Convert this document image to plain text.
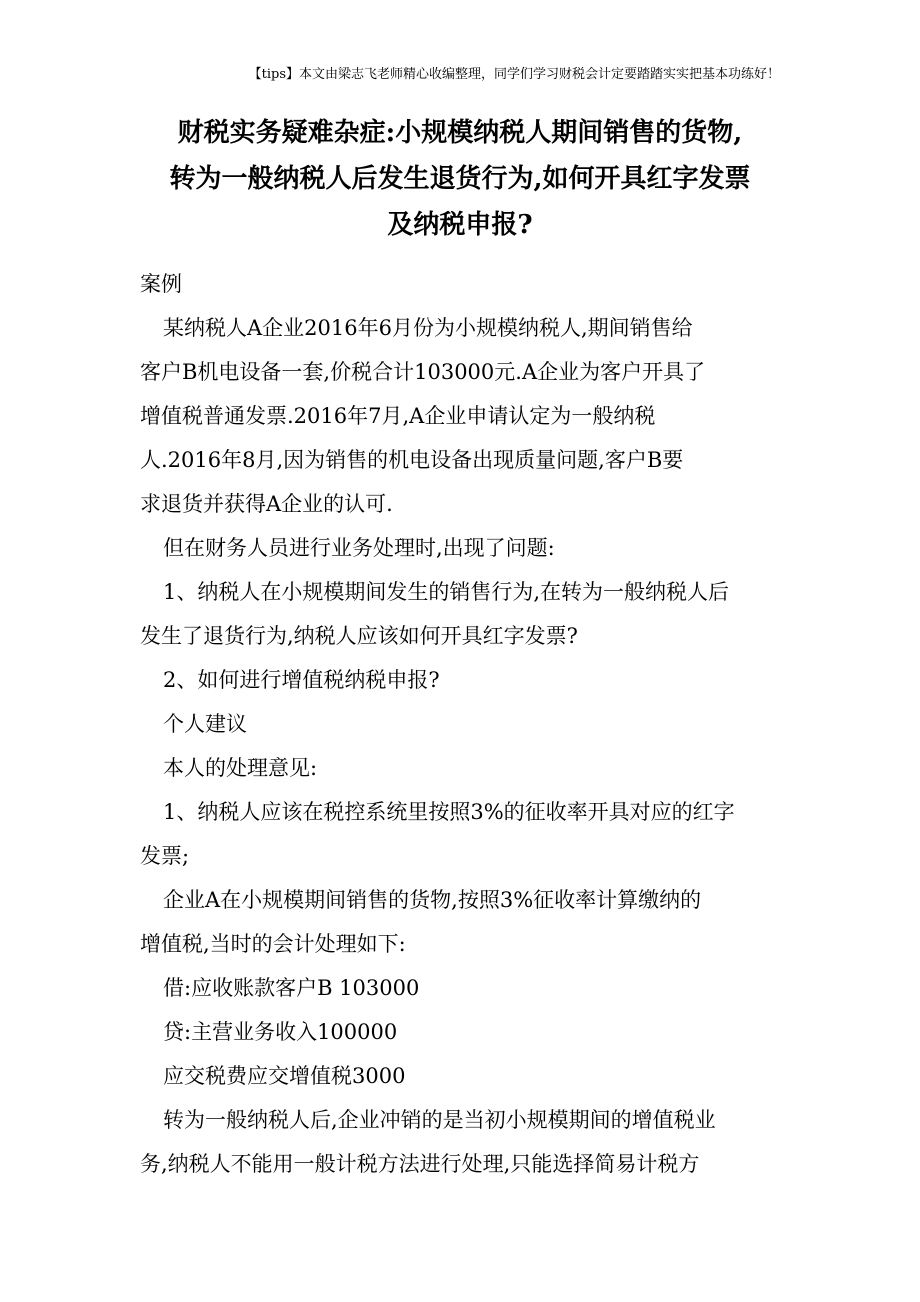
【tips】本文由梁志飞老师精心收编整理，同学们学习财税会计定要踏踏实实把基本功练好！
财税实务疑难杂症:小规模纳税人期间销售的货物,
转为一般纳税人后发生退货行为,如何开具红字发票
及纳税申报?

案例

某纳税人A企业2016年6月份为小规模纳税人,期间销售给
客户B机电设备一套,价税合计103000元.A企业为客户开具了
增值税普通发票.2016年7月,A企业申请认定为一般纳税
人.2016年8月,因为销售的机电设备出现质量问题,客户B要
求退货并获得A企业的认可.

但在财务人员进行业务处理时,出现了问题:

1、纳税人在小规模期间发生的销售行为,在转为一般纳税人后
发生了退货行为,纳税人应该如何开具红字发票?

2、如何进行增值税纳税申报?

个人建议

本人的处理意见:

1、纳税人应该在税控系统里按照3%的征收率开具对应的红字
发票;

企业A在小规模期间销售的货物,按照3%征收率计算缴纳的
增值税,当时的会计处理如下:

借:应收账款客户B 103000

贷:主营业务收入100000

应交税费应交增值税3000

转为一般纳税人后,企业冲销的是当初小规模期间的增值税业
务,纳税人不能用一般计税方法进行处理,只能选择简易计税方
